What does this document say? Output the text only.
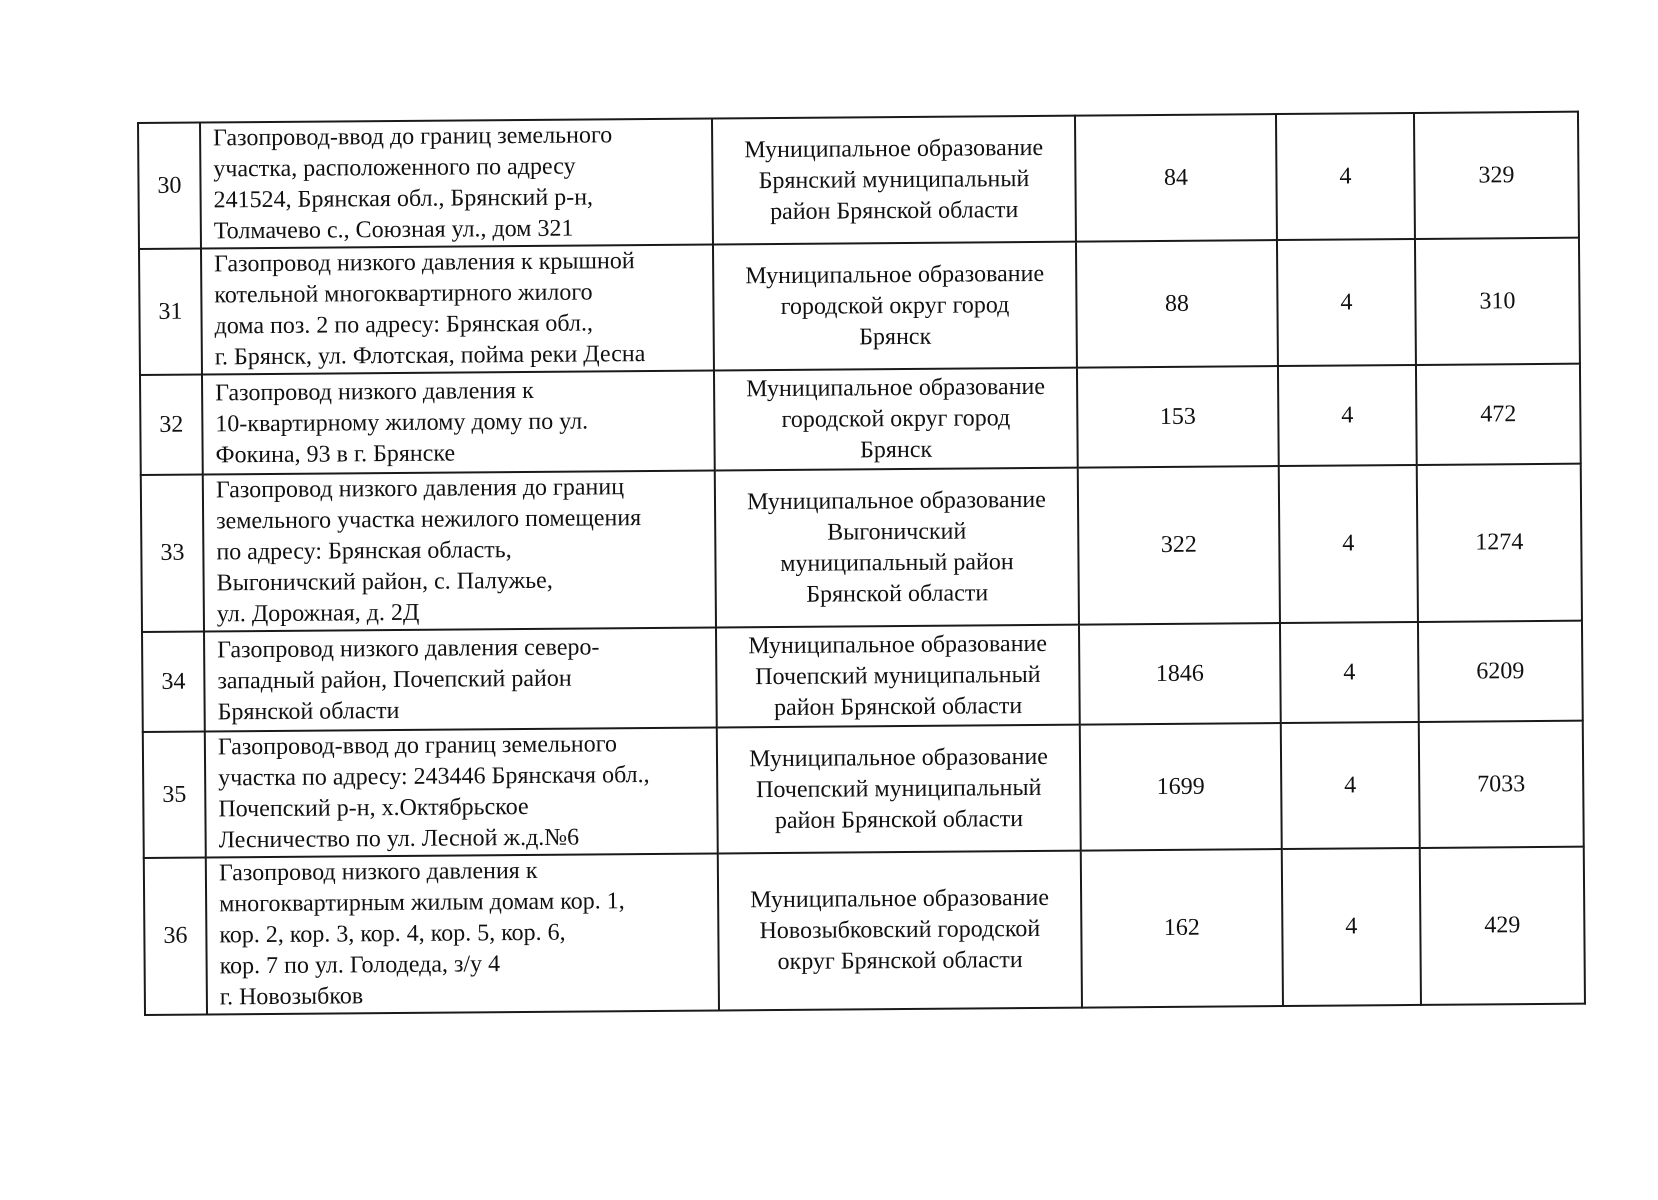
30	Газопровод-ввод до границ земельного
участка, расположенного по адресу
241524, Брянская обл., Брянский р-н,
Толмачево с., Союзная ул., дом 321	Муниципальное образование
Брянский муниципальный
район Брянской области	84	4	329

31	Газопровод низкого давления к крышной
котельной многоквартирного жилого
дома поз. 2 по адресу: Брянская обл.,
г. Брянск, ул. Флотская, пойма реки Десна	Муниципальное образование
городской округ город
Брянск	88	4	310

32	Газопровод низкого давления к
10-квартирному жилому дому по ул.
Фокина, 93 в г. Брянске	Муниципальное образование
городской округ город
Брянск	153	4	472

33	Газопровод низкого давления до границ
земельного участка нежилого помещения
по адресу: Брянская область,
Выгоничский район, с. Палужье,
ул. Дорожная, д. 2Д	Муниципальное образование
Выгоничский
муниципальный район
Брянской области	322	4	1274

34	Газопровод низкого давления северо-
западный район, Почепский район
Брянской области	Муниципальное образование
Почепский муниципальный
район Брянской области	1846	4	6209

35	Газопровод-ввод до границ земельного
участка по адресу: 243446 Брянскачя обл.,
Почепский р-н, х.Октябрьское
Лесничество по ул. Лесной ж.д.№6	Муниципальное образование
Почепский муниципальный
район Брянской области	1699	4	7033

36	Газопровод низкого давления к
многоквартирным жилым домам кор. 1,
кор. 2, кор. 3, кор. 4, кор. 5, кор. 6,
кор. 7 по ул. Голодеда, з/у 4
г. Новозыбков	Муниципальное образование
Новозыбковский городской
округ Брянской области	162	4	429
